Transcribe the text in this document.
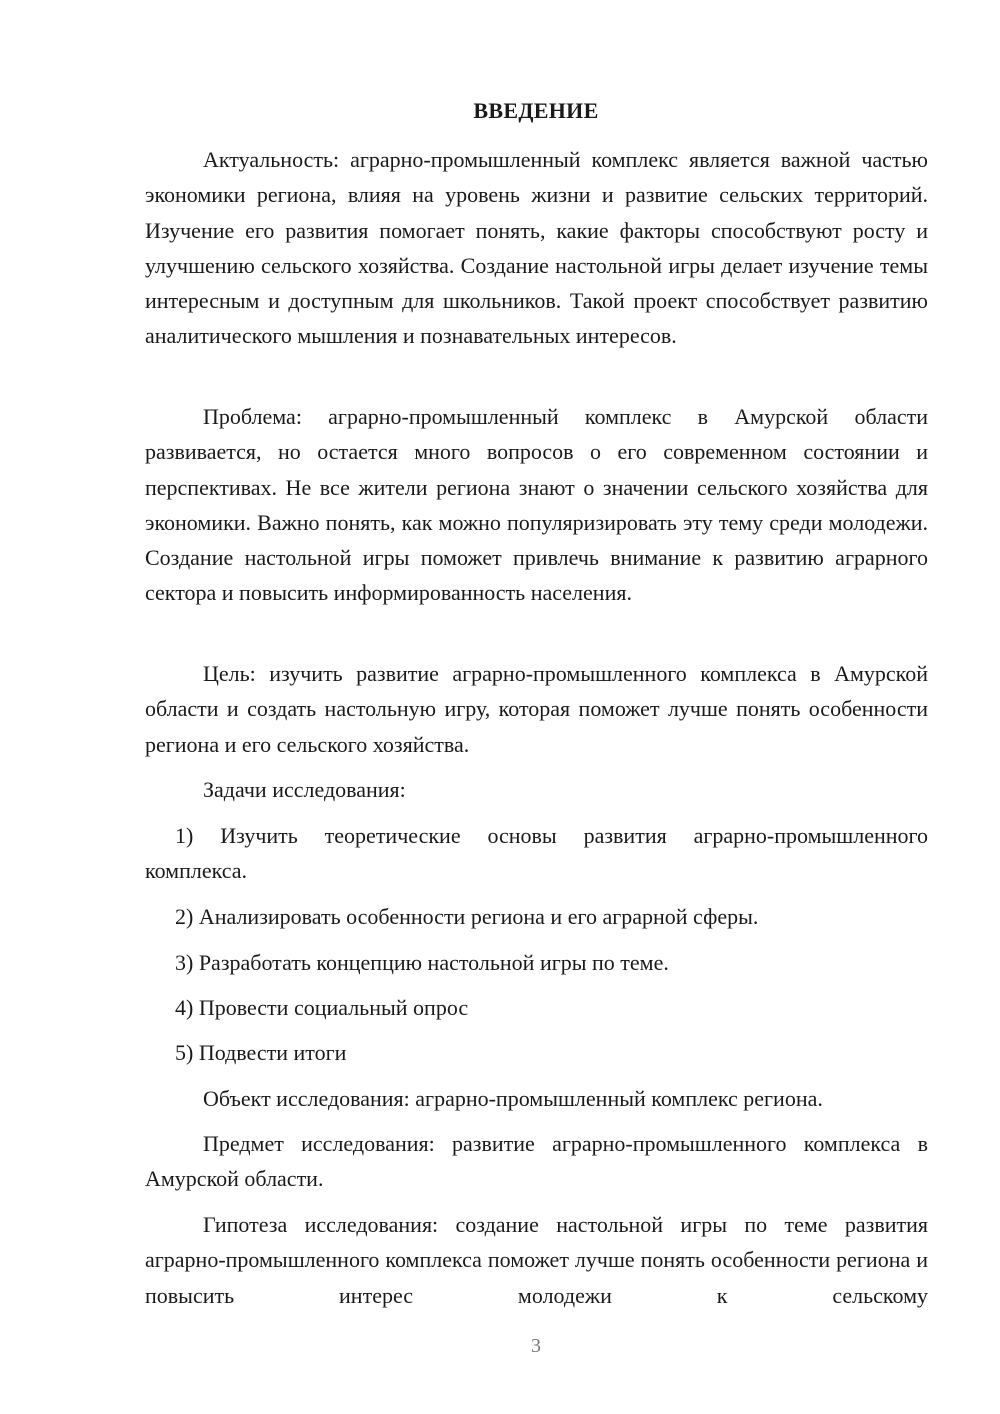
ВВЕДЕНИЕ

Актуальность: аграрно-промышленный комплекс является важной частью экономики региона, влияя на уровень жизни и развитие сельских территорий. Изучение его развития помогает понять, какие факторы способствуют росту и улучшению сельского хозяйства. Создание настольной игры делает изучение темы интересным и доступным для школьников. Такой проект способствует развитию аналитического мышления и познавательных интересов.

Проблема: аграрно-промышленный комплекс в Амурской области развивается, но остается много вопросов о его современном состоянии и перспективах. Не все жители региона знают о значении сельского хозяйства для экономики. Важно понять, как можно популяризировать эту тему среди молодежи. Создание настольной игры поможет привлечь внимание к развитию аграрного сектора и повысить информированность населения.

Цель: изучить развитие аграрно-промышленного комплекса в Амурской области и создать настольную игру, которая поможет лучше понять особенности региона и его сельского хозяйства.

Задачи исследования:

1) Изучить теоретические основы развития аграрно-промышленного комплекса.

2) Анализировать особенности региона и его аграрной сферы.

3) Разработать концепцию настольной игры по теме.

4) Провести социальный опрос

5) Подвести итоги

Объект исследования: аграрно-промышленный комплекс региона.

Предмет исследования: развитие аграрно-промышленного комплекса в Амурской области.

Гипотеза исследования: создание настольной игры по теме развития аграрно-промышленного комплекса поможет лучше понять особенности региона и повысить интерес молодежи к сельскому

3
